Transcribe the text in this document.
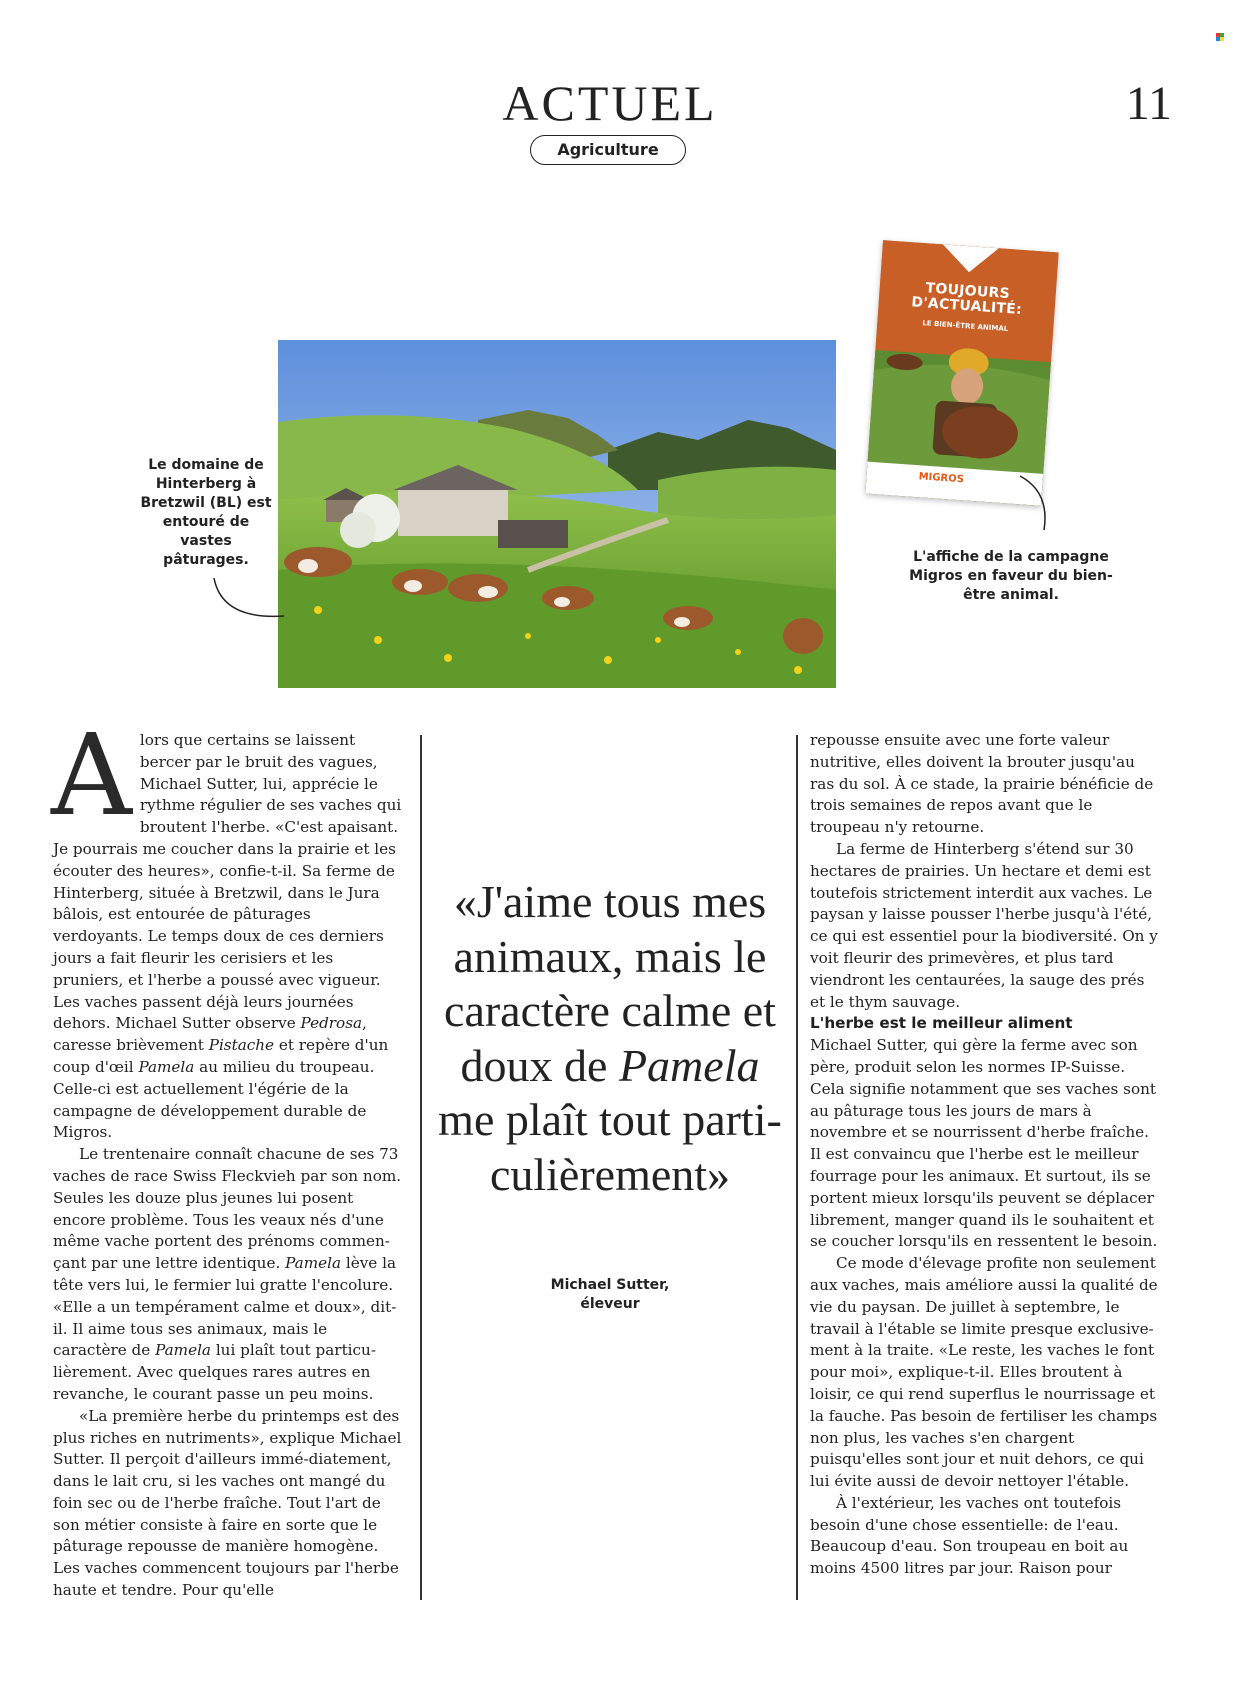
ACTUEL	11
Agriculture
TOUJOURS D'ACTUALITÉ:
LE BIEN-ÊTRE ANIMAL
MIGROS
Le domaine de Hinterberg à Bretzwil (BL) est entouré de vastes pâturages.	L'affiche de la campagne Migros en faveur du bien-être animal.
A lors que certains se laissent bercer par le bruit des vagues, Michael Sutter, lui, apprécie le rythme régulier de ses vaches qui broutent l'herbe. «C'est apaisant. Je pourrais me coucher dans la prairie et les écouter des heures», confie-t-il. Sa ferme de Hinterberg, située à Bretzwil, dans le Jura bâlois, est entourée de pâturages verdoyants. Le temps doux de ces derniers jours a fait fleurir les cerisiers et les pruniers, et l'herbe a poussé avec vigueur. Les vaches passent déjà leurs journées dehors. Michael Sutter observe Pedrosa, caresse brièvement Pistache et repère d'un coup d'œil Pamela au milieu du troupeau. Celle-ci est actuellement l'égérie de la campagne de développement durable de Migros.

Le trentenaire connaît chacune de ses 73 vaches de race Swiss Fleckvieh par son nom. Seules les douze plus jeunes lui posent encore problème. Tous les veaux nés d'une même vache portent des prénoms commen-çant par une lettre identique. Pamela lève la tête vers lui, le fermier lui gratte l'encolure. «Elle a un tempérament calme et doux», dit-il. Il aime tous ses animaux, mais le caractère de Pamela lui plaît tout particu-lièrement. Avec quelques rares autres en revanche, le courant passe un peu moins.

«La première herbe du printemps est des plus riches en nutriments», explique Michael Sutter. Il perçoit d'ailleurs immé-diatement, dans le lait cru, si les vaches ont mangé du foin sec ou de l'herbe fraîche. Tout l'art de son métier consiste à faire en sorte que le pâturage repousse de manière homogène. Les vaches commencent toujours par l'herbe haute et tendre. Pour qu'elle

«J'aime tous mes animaux, mais le caractère calme et doux de Pamela me plaît tout parti-culièrement»
Michael Sutter, éleveur

repousse ensuite avec une forte valeur nutritive, elles doivent la brouter jusqu'au ras du sol. À ce stade, la prairie bénéficie de trois semaines de repos avant que le troupeau n'y retourne.

La ferme de Hinterberg s'étend sur 30 hectares de prairies. Un hectare et demi est toutefois strictement interdit aux vaches. Le paysan y laisse pousser l'herbe jusqu'à l'été, ce qui est essentiel pour la biodiversité. On y voit fleurir des primevères, et plus tard viendront les centaurées, la sauge des prés et le thym sauvage.

L'herbe est le meilleur aliment

Michael Sutter, qui gère la ferme avec son père, produit selon les normes IP-Suisse. Cela signifie notamment que ses vaches sont au pâturage tous les jours de mars à novembre et se nourrissent d'herbe fraîche. Il est convaincu que l'herbe est le meilleur fourrage pour les animaux. Et surtout, ils se portent mieux lorsqu'ils peuvent se déplacer librement, manger quand ils le souhaitent et se coucher lorsqu'ils en ressentent le besoin.

Ce mode d'élevage profite non seulement aux vaches, mais améliore aussi la qualité de vie du paysan. De juillet à septembre, le travail à l'étable se limite presque exclusive-ment à la traite. «Le reste, les vaches le font pour moi», explique-t-il. Elles broutent à loisir, ce qui rend superflus le nourrissage et la fauche. Pas besoin de fertiliser les champs non plus, les vaches s'en chargent puisqu'elles sont jour et nuit dehors, ce qui lui évite aussi de devoir nettoyer l'étable.

À l'extérieur, les vaches ont toutefois besoin d'une chose essentielle: de l'eau. Beaucoup d'eau. Son troupeau en boit au moins 4500 litres par jour. Raison pour
